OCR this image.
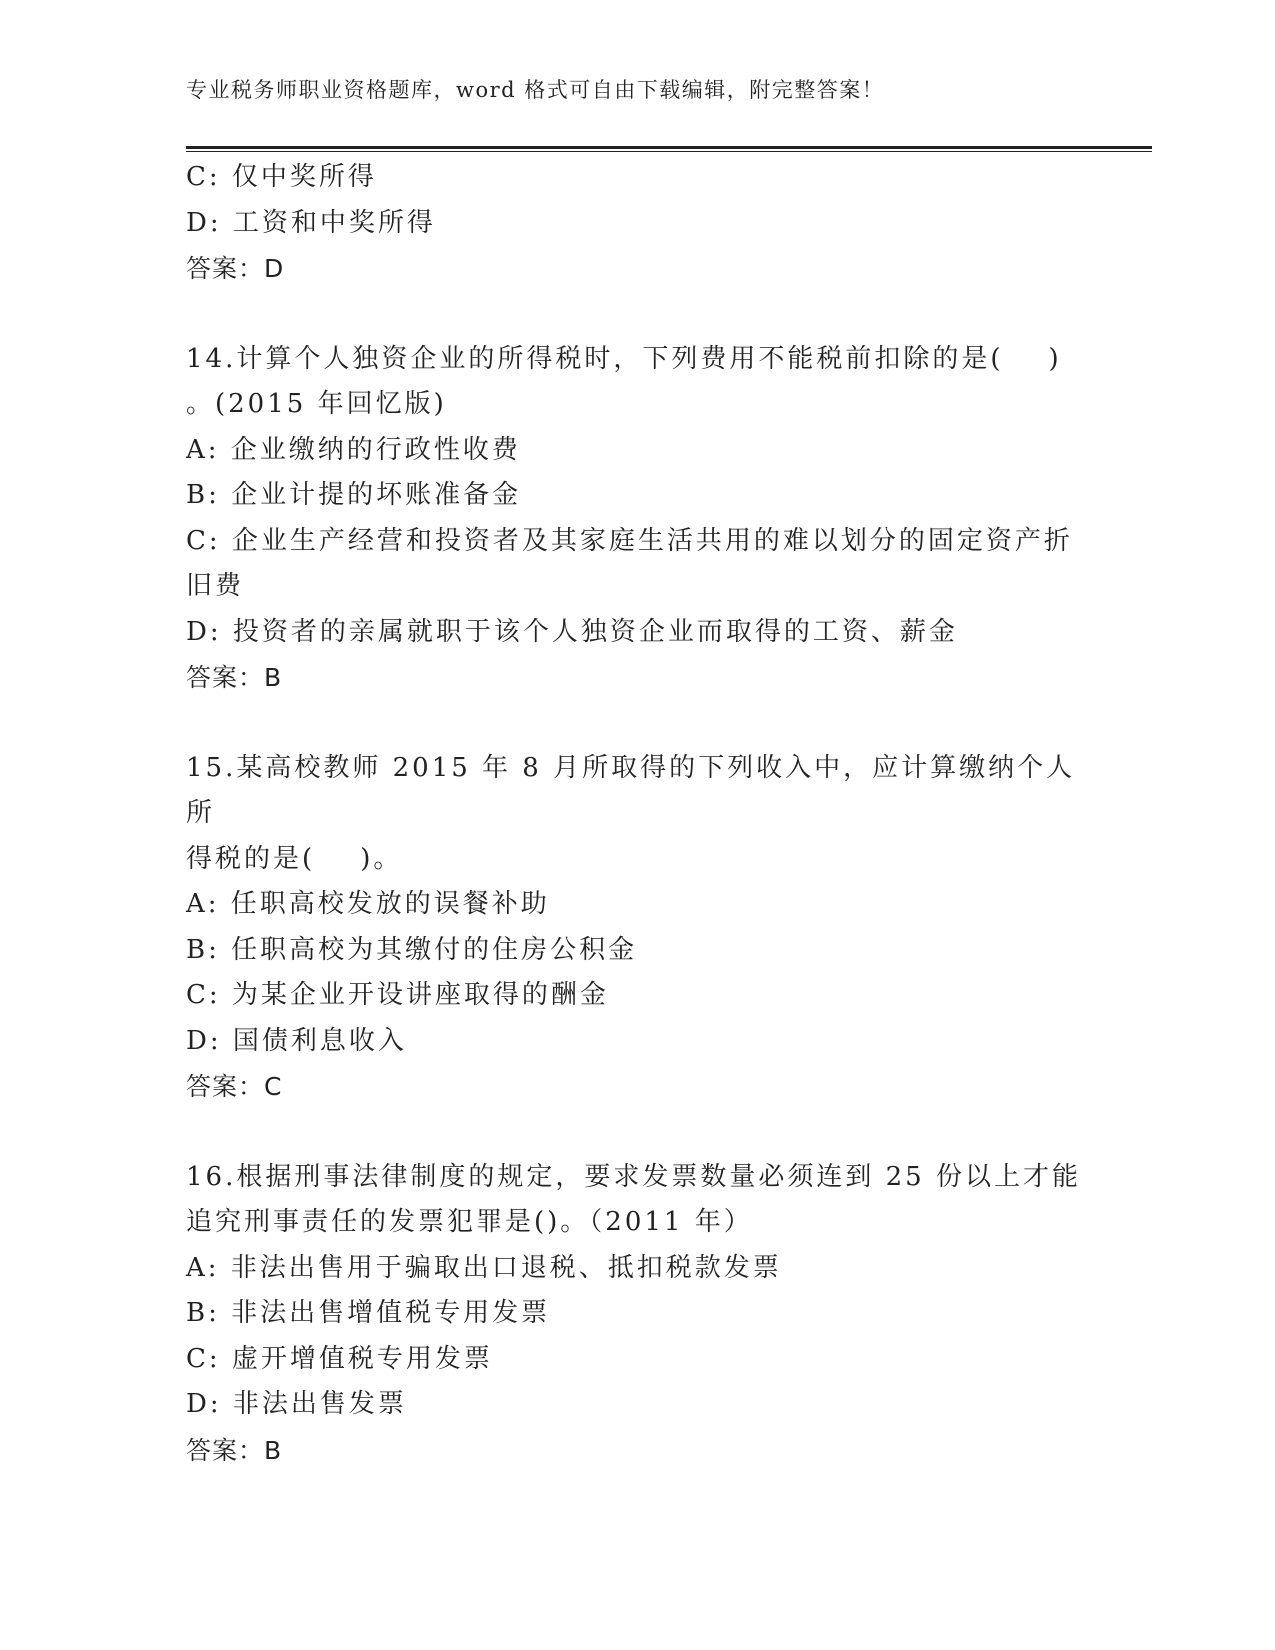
专业税务师职业资格题库，word 格式可自由下载编辑，附完整答案！
C: 仅中奖所得
D: 工资和中奖所得
答案：D
14.计算个人独资企业的所得税时，下列费用不能税前扣除的是(    )
。(2015 年回忆版)
A: 企业缴纳的行政性收费
B: 企业计提的坏账准备金
C: 企业生产经营和投资者及其家庭生活共用的难以划分的固定资产折
旧费
D: 投资者的亲属就职于该个人独资企业而取得的工资、薪金
答案：B
15.某高校教师 2015 年 8 月所取得的下列收入中，应计算缴纳个人所
得税的是(    )。
A: 任职高校发放的误餐补助
B: 任职高校为其缴付的住房公积金
C: 为某企业开设讲座取得的酬金
D: 国债利息收入
答案：C
16.根据刑事法律制度的规定，要求发票数量必须连到 25 份以上才能
追究刑事责任的发票犯罪是()。（2011 年）
A: 非法出售用于骗取出口退税、抵扣税款发票
B: 非法出售增值税专用发票
C: 虚开增值税专用发票
D: 非法出售发票
答案：B
